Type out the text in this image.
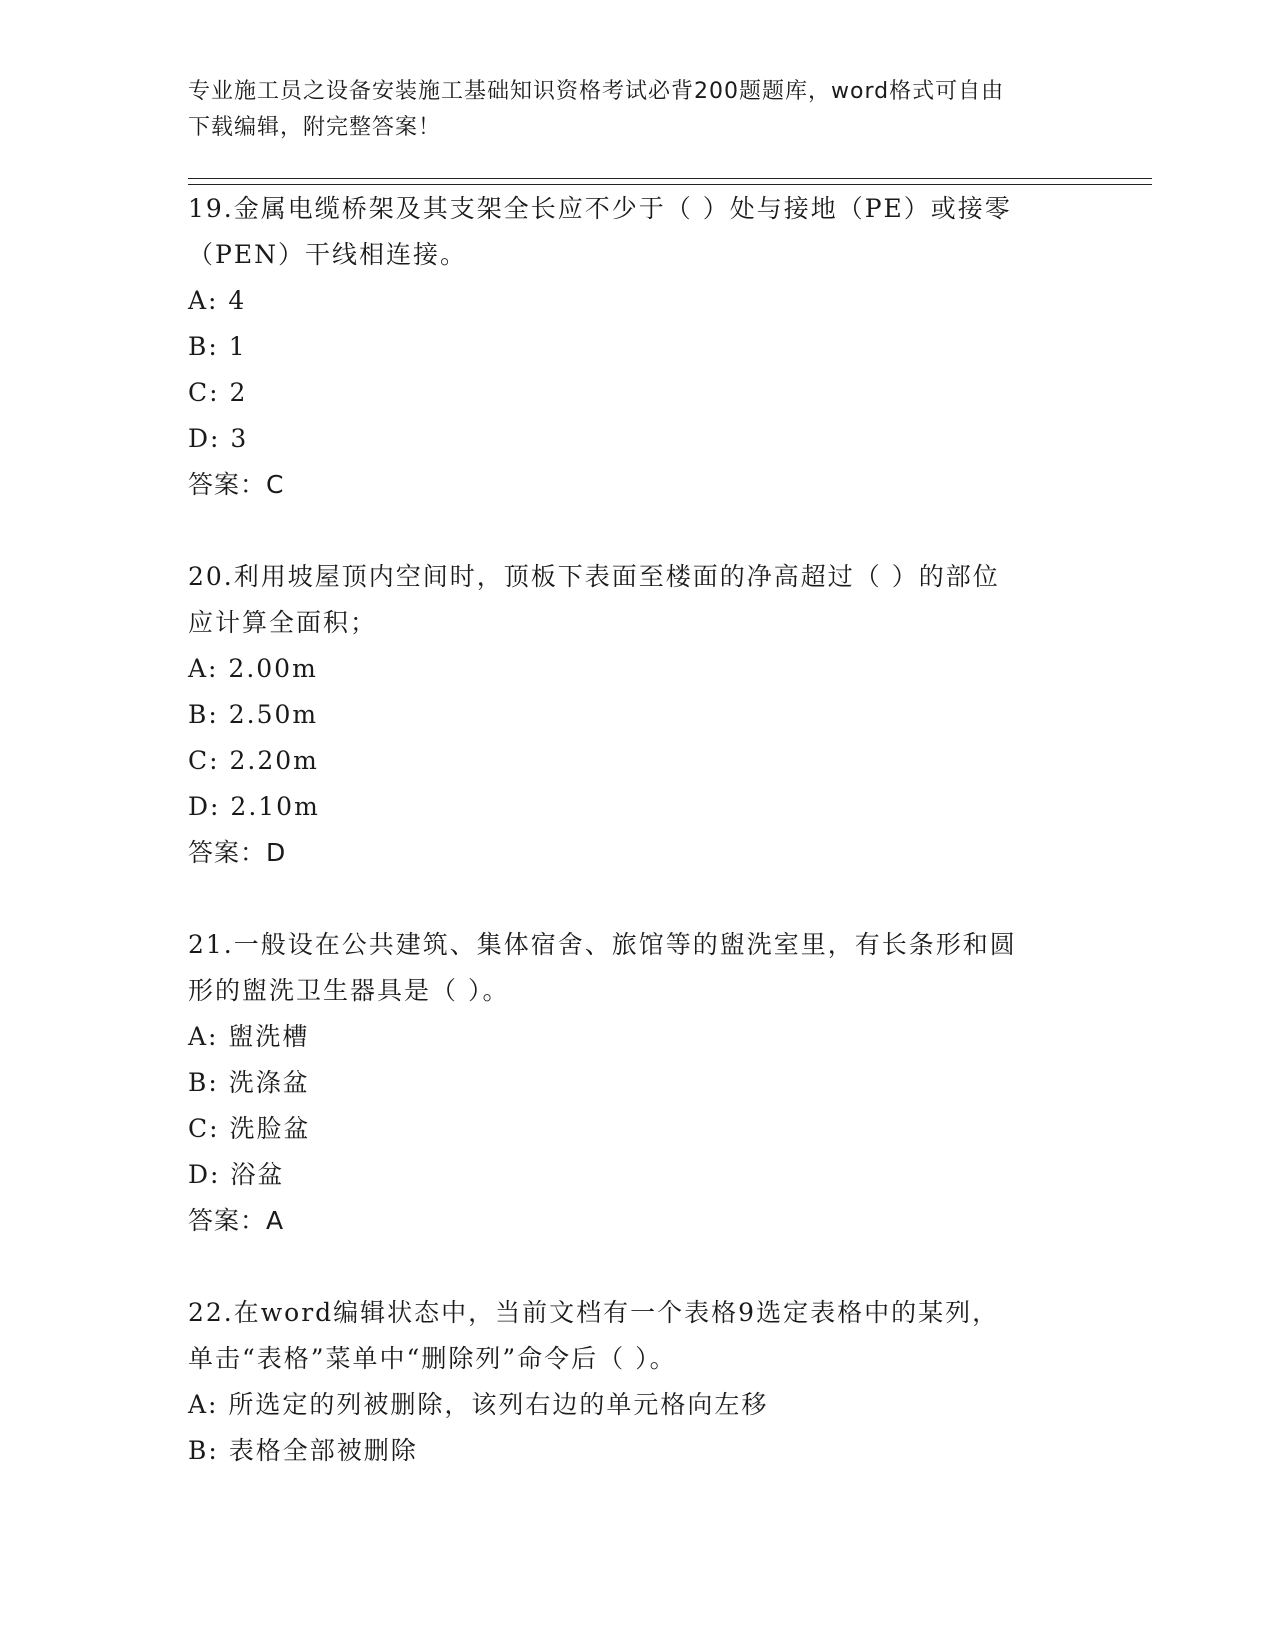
专业施工员之设备安装施工基础知识资格考试必背200题题库，word格式可自由
下载编辑，附完整答案！
19.金属电缆桥架及其支架全长应不少于（ ）处与接地（PE）或接零
（PEN）干线相连接。
A: 4
B: 1
C: 2
D: 3
答案：C
20.利用坡屋顶内空间时，顶板下表面至楼面的净高超过（ ）的部位
应计算全面积；
A: 2.00m
B: 2.50m
C: 2.20m
D: 2.10m
答案：D
21.一般设在公共建筑、集体宿舍、旅馆等的盥洗室里，有长条形和圆
形的盥洗卫生器具是（ ）。
A: 盥洗槽
B: 洗涤盆
C: 洗脸盆
D: 浴盆
答案：A
22.在word编辑状态中，当前文档有一个表格9选定表格中的某列，
单击“表格”菜单中“删除列”命令后（ ）。
A: 所选定的列被删除，该列右边的单元格向左移
B: 表格全部被删除
